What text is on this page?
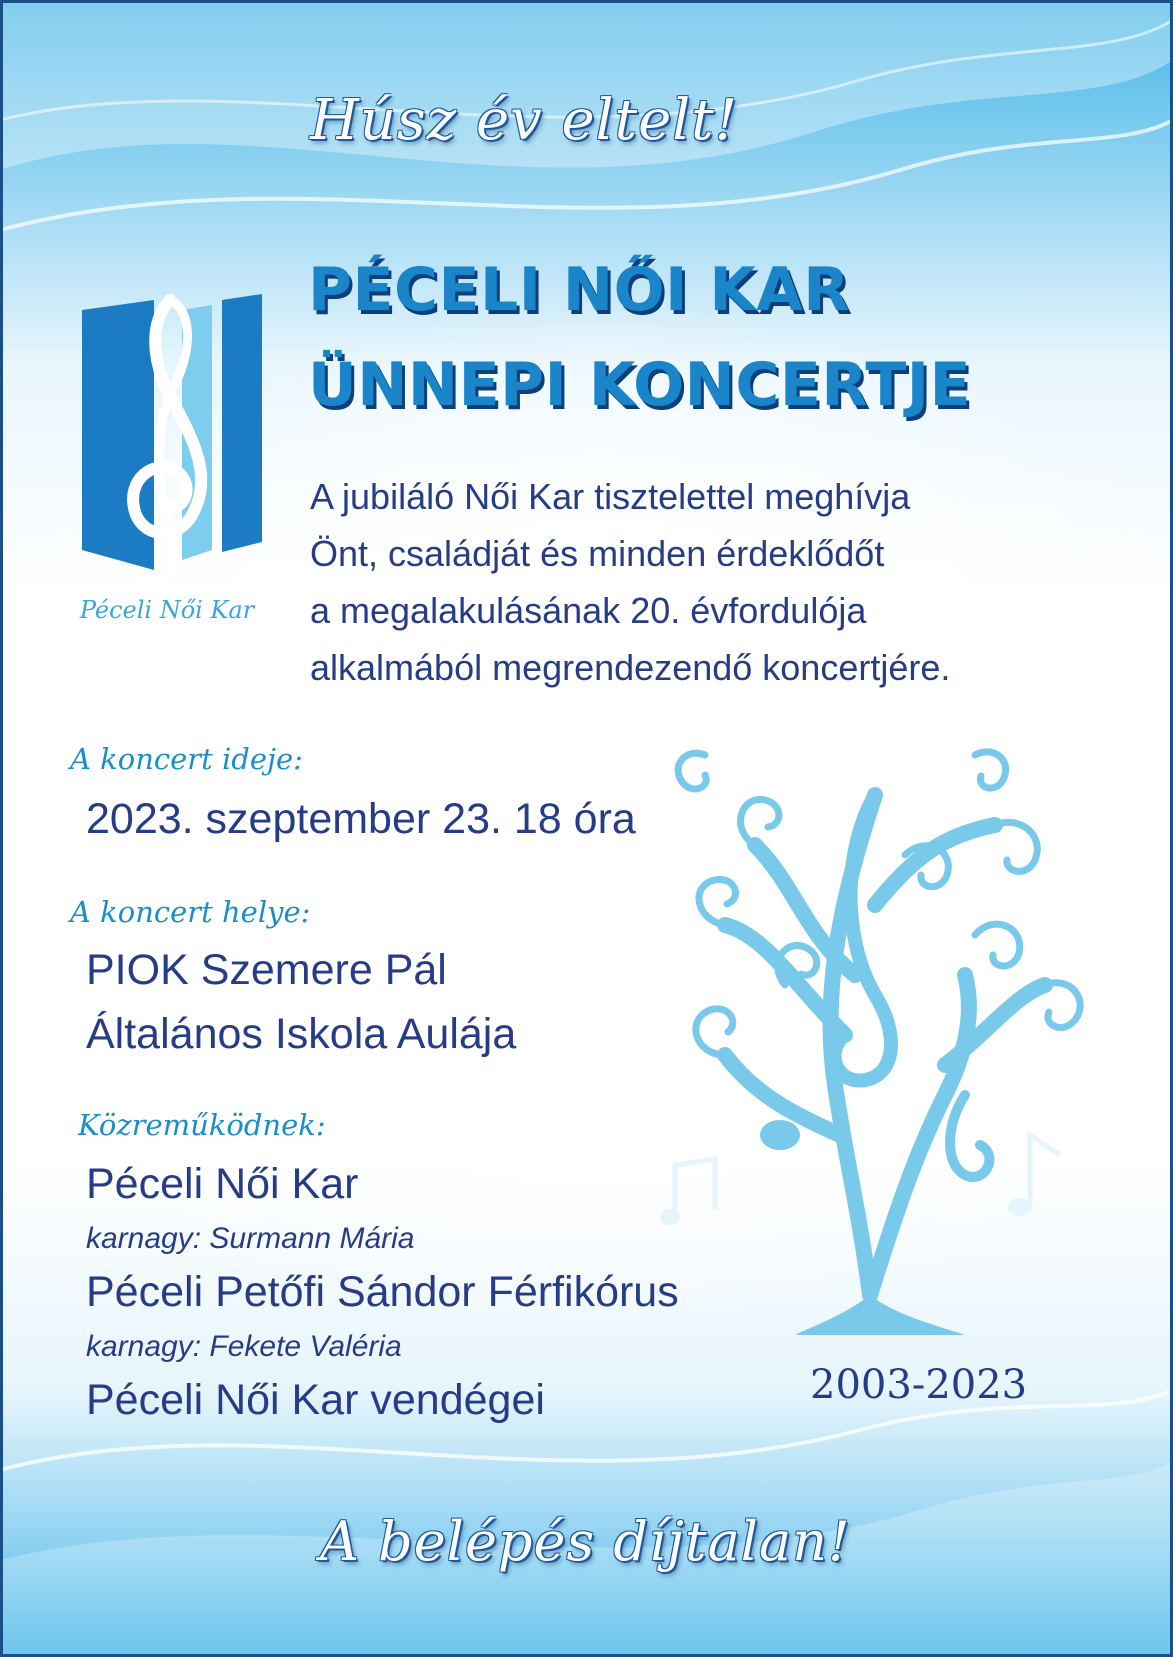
Húsz év eltelt!
PÉCELI NŐI KAR
ÜNNEPI KONCERTJE
Péceli Női Kar
A jubiláló Női Kar tisztelettel meghívja
Önt, családját és minden érdeklődőt
a megalakulásának 20. évfordulója
alkalmából megrendezendő koncertjére.
A koncert ideje:
2023. szeptember 23. 18 óra
A koncert helye:
PIOK Szemere Pál
Általános Iskola Aulája
Közreműködnek:
Péceli Női Kar
karnagy: Surmann Mária
Péceli Petőfi Sándor Férfikórus
karnagy: Fekete Valéria
Péceli Női Kar vendégei	2003-2023
A belépés díjtalan!
